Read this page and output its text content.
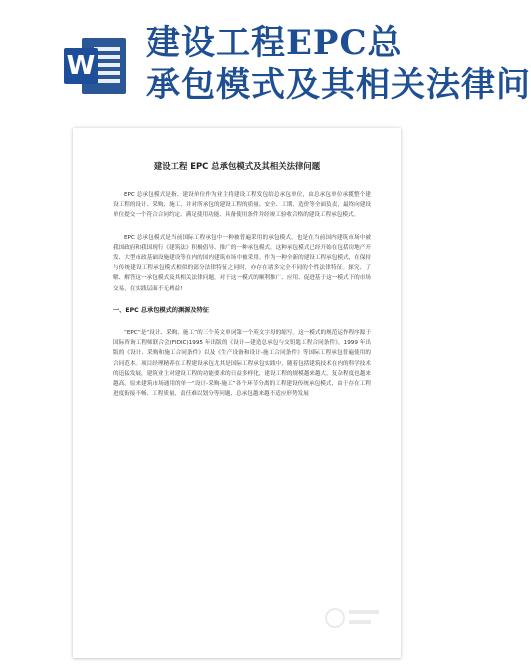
W
建设工程EPC总
承包模式及其相关法律问
建设工程 EPC 总承包模式及其相关法律问题

EPC 总承包模式是指、建设单位作为业主将建设工程发包给总承包单位，由总承包单位承揽整个建设工程的设计、采购、施工，并对所承包的建设工程的质量、安全、工期、造价等全面负责，最终向建设单位提交一个符合合同约定、满足使用功能、具备使用条件并经竣工验收合格的建设工程承包模式。

EPC 总承包模式是当前国际工程承包中一种被普遍采用的承包模式，也是在当前国内建筑市场中被我国政府和我国现行《建筑法》积极倡导、推广的一种承包模式。这种承包模式已经开始在包括房地产开发、大型市政基础设施建设等在内的国内建筑市场中被采用。作为一种全新的建设工程承包模式，在保持与传统建设工程承包模式相似的部分法律特征之同时，亦存在诸多完全不同的个性法律特征。探究、了解、解答这一承包模式及其相关法律问题，对于这一模式的顺利推广、应用、促进基于这一模式下的市场交易，在实践层面不无裨益!

一、EPC 总承包模式的渊源及特征

“EPC”是“设计、采购、施工”的三个英文单词第一个英文字母的缩写。这一模式的规范运作程序源于国际咨询工程师联合会(FIDIC)1995 年出版的《设计—建造总承包与交钥匙工程合同条件》，1999 年出版的《设计、采购和施工合同条件》以及《生产设备和设计-施工合同条件》等国际工程承包普遍使用的合同范本。项目经理精养在工程建设承包尤其是国际工程承包实践中，随着包括建筑技术在内的科学技术的迅猛发展，建筑业主对建设工程的功能要求的日益多样化，建设工程的规模越来越大，复杂程度也越来越高。原来建筑市场通用的单一“设计-采购-施工”各个环节分离的工程建设传统承包模式，由于存在工程进度衔接不畅、工程质量、责任难以划分等问题，总承包越来越不适应形势发展
